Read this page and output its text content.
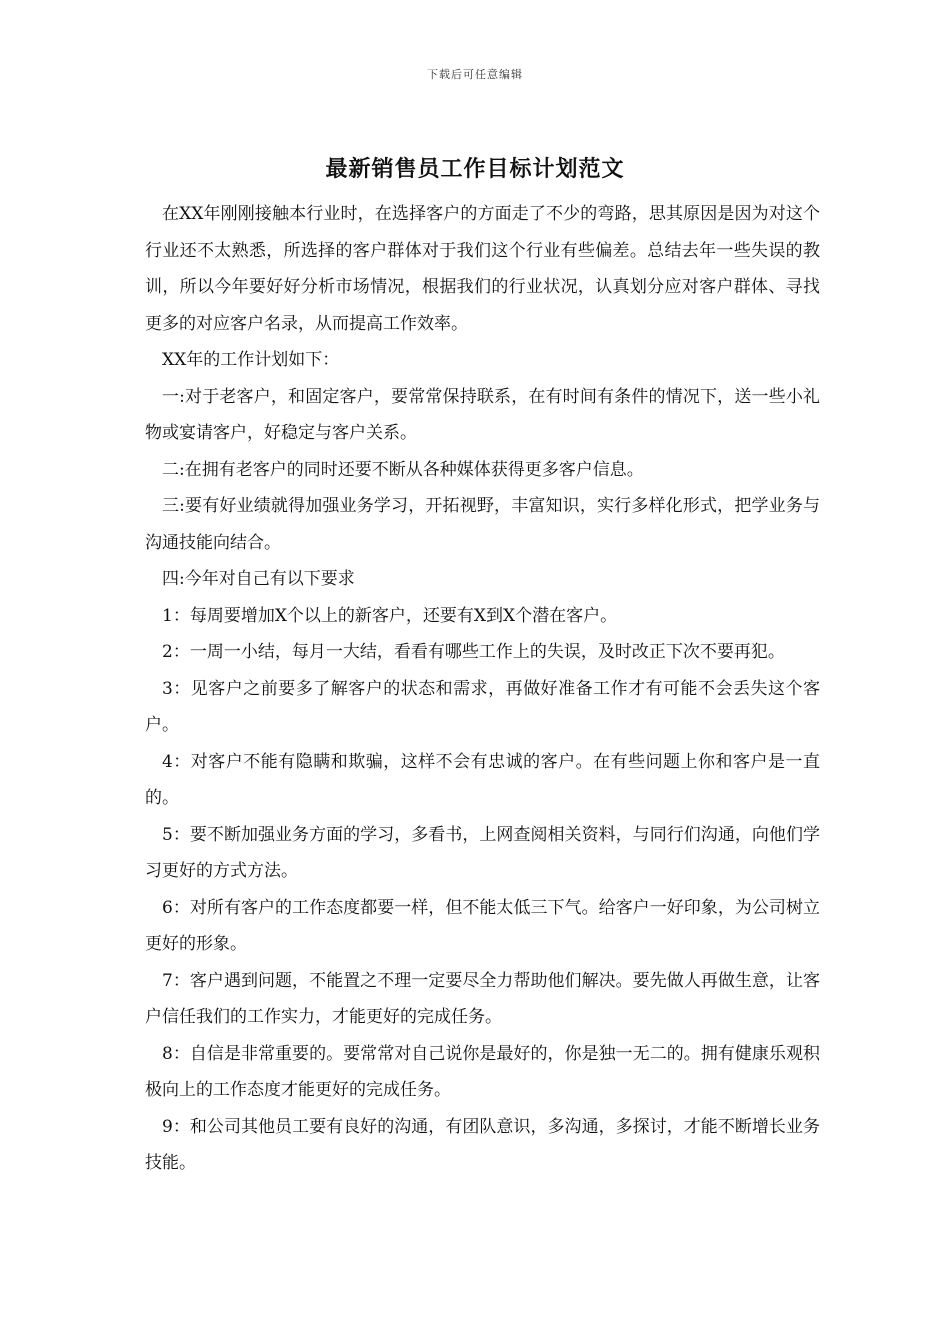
下载后可任意编辑
最新销售员工作目标计划范文

在XX年刚刚接触本行业时，在选择客户的方面走了不少的弯路，思其原因是因为对这个行业还不太熟悉，所选择的客户群体对于我们这个行业有些偏差。总结去年一些失误的教训，所以今年要好好分析市场情况，根据我们的行业状况，认真划分应对客户群体、寻找更多的对应客户名录，从而提高工作效率。

XX年的工作计划如下：

一:对于老客户，和固定客户，要常常保持联系，在有时间有条件的情况下，送一些小礼物或宴请客户，好稳定与客户关系。

二:在拥有老客户的同时还要不断从各种媒体获得更多客户信息。

三:要有好业绩就得加强业务学习，开拓视野，丰富知识，实行多样化形式，把学业务与沟通技能向结合。

四:今年对自己有以下要求

1：每周要增加X个以上的新客户，还要有X到X个潜在客户。

2：一周一小结，每月一大结，看看有哪些工作上的失误，及时改正下次不要再犯。

3：见客户之前要多了解客户的状态和需求，再做好准备工作才有可能不会丢失这个客户。

4：对客户不能有隐瞒和欺骗，这样不会有忠诚的客户。在有些问题上你和客户是一直的。

5：要不断加强业务方面的学习，多看书，上网查阅相关资料，与同行们沟通，向他们学习更好的方式方法。

6：对所有客户的工作态度都要一样，但不能太低三下气。给客户一好印象，为公司树立更好的形象。

7：客户遇到问题，不能置之不理一定要尽全力帮助他们解决。要先做人再做生意，让客户信任我们的工作实力，才能更好的完成任务。

8：自信是非常重要的。要常常对自己说你是最好的，你是独一无二的。拥有健康乐观积极向上的工作态度才能更好的完成任务。

9：和公司其他员工要有良好的沟通，有团队意识，多沟通，多探讨，才能不断增长业务技能。
